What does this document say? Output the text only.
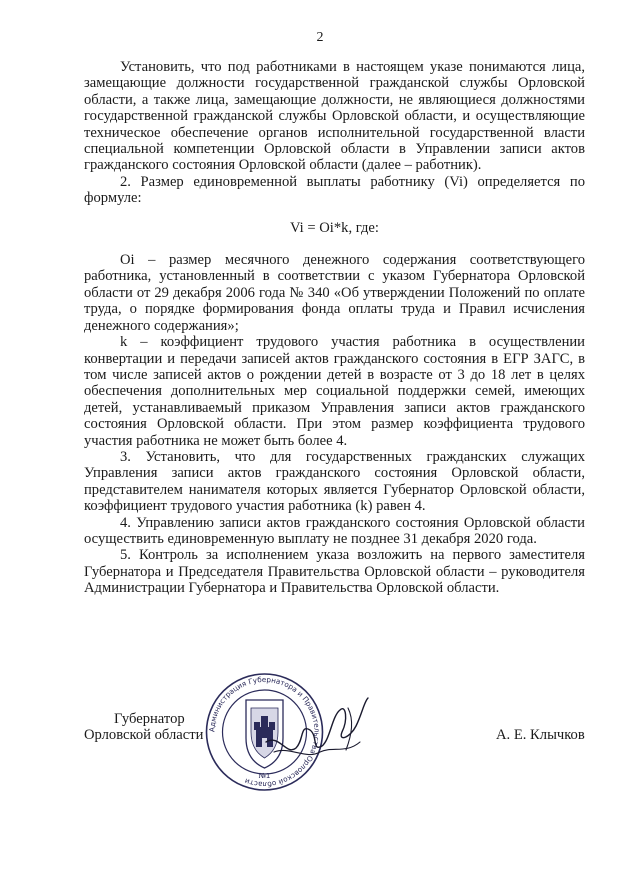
2

Установить, что под работниками в настоящем указе понимаются лица, замещающие должности государственной гражданской службы Орловской области, а также лица, замещающие должности, не являющиеся должностями государственной гражданской службы Орловской области, и осуществляющие техническое обеспечение органов исполнительной государственной власти специальной компетенции Орловской области в Управлении записи актов гражданского состояния Орловской области (далее – работник).

2. Размер единовременной выплаты работнику (Vi) определяется по формуле:

Vi = Oi*k, где:

Oi – размер месячного денежного содержания соответствующего работника, установленный в соответствии с указом Губернатора Орловской области от 29 декабря 2006 года № 340 «Об утверждении Положений по оплате труда, о порядке формирования фонда оплаты труда и Правил исчисления денежного содержания»;

k – коэффициент трудового участия работника в осуществлении конвертации и передачи записей актов гражданского состояния в ЕГР ЗАГС, в том числе записей актов о рождении детей в возрасте от 3 до 18 лет в целях обеспечения дополнительных мер социальной поддержки семей, имеющих детей, устанавливаемый приказом Управления записи актов гражданского состояния Орловской области. При этом размер коэффициента трудового участия работника не может быть более 4.

3. Установить, что для государственных гражданских служащих Управления записи актов гражданского состояния Орловской области, представителем нанимателя которых является Губернатор Орловской области, коэффициент трудового участия работника (k) равен 4.

4. Управлению записи актов гражданского состояния Орловской области осуществить единовременную выплату не позднее 31 декабря 2020 года.

5. Контроль за исполнением указа возложить на первого заместителя Губернатора и Председателя Правительства Орловской области – руководителя Администрации Губернатора и Правительства Орловской области.

Администрация Губернатора и Правительства Орловской области
№1
Губернатор
Орловской области	А. Е. Клычков
